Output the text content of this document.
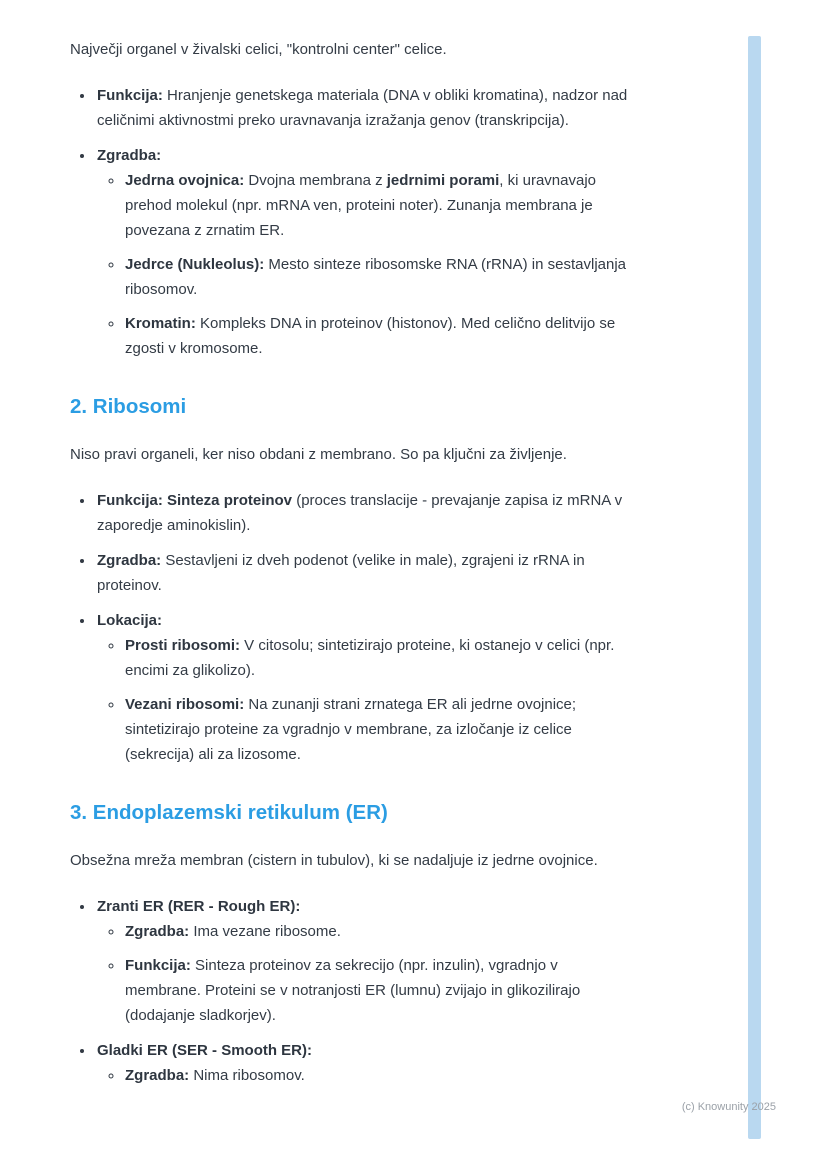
Največji organel v živalski celici, "kontrolni center" celice.

• Funkcija: Hranjenje genetskega materiala (DNA v obliki kromatina), nadzor nad celičnimi aktivnostmi preko uravnavanja izražanja genov (transkripcija).
• Zgradba:
◦ Jedrna ovojnica: Dvojna membrana z jedrnimi porami, ki uravnavajo prehod molekul (npr. mRNA ven, proteini noter). Zunanja membrana je povezana z zrnatim ER.
◦ Jedrce (Nukleolus): Mesto sinteze ribosomske RNA (rRNA) in sestavljanja ribosomov.
◦ Kromatin: Kompleks DNA in proteinov (histonov). Med celično delitvijo se zgosti v kromosome.
2. Ribosomi

Niso pravi organeli, ker niso obdani z membrano. So pa ključni za življenje.

• Funkcija: Sinteza proteinov (proces translacije - prevajanje zapisa iz mRNA v zaporedje aminokislin).
• Zgradba: Sestavljeni iz dveh podenot (velike in male), zgrajeni iz rRNA in proteinov.
• Lokacija:
◦ Prosti ribosomi: V citosolu; sintetizirajo proteine, ki ostanejo v celici (npr. encimi za glikolizo).
◦ Vezani ribosomi: Na zunanji strani zrnatega ER ali jedrne ovojnice; sintetizirajo proteine za vgradnjo v membrane, za izločanje iz celice (sekrecija) ali za lizosome.
3. Endoplazemski retikulum (ER)

Obsežna mreža membran (cistern in tubulov), ki se nadaljuje iz jedrne ovojnice.

• Zranti ER (RER - Rough ER):
◦ Zgradba: Ima vezane ribosome.
◦ Funkcija: Sinteza proteinov za sekrecijo (npr. inzulin), vgradnjo v membrane. Proteini se v notranjosti ER (lumnu) zvijajo in glikozilirajo (dodajanje sladkorjev).
• Gladki ER (SER - Smooth ER):
◦ Zgradba: Nima ribosomov.
(c) Knowunity 2025
